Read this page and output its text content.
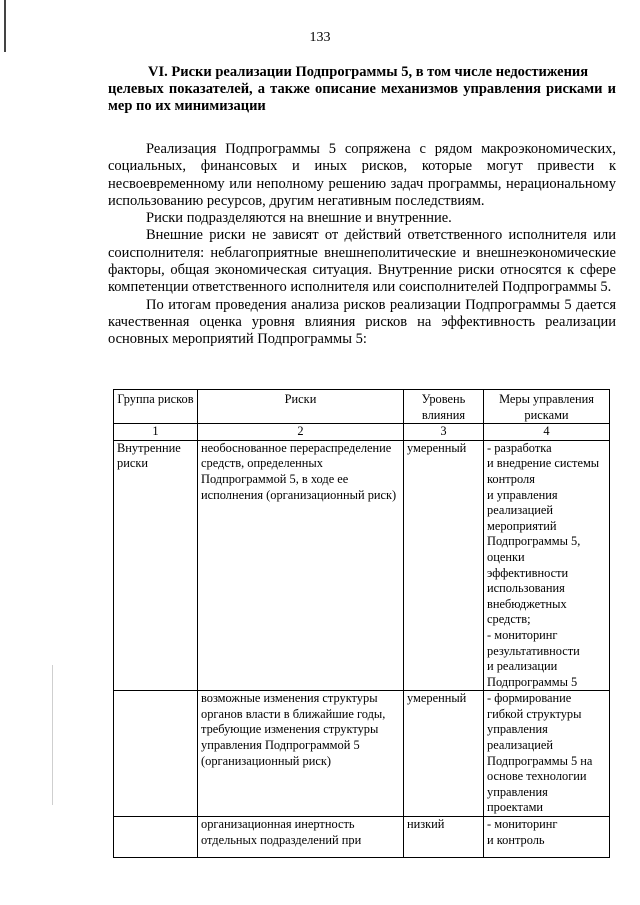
133
VI. Риски реализации Подпрограммы 5, в том числе недостижения
целевых показателей, а также описание механизмов управления рисками и мер по их минимизации

Реализация Подпрограммы 5 сопряжена с рядом макроэкономических, социальных, финансовых и иных рисков, которые могут привести к несвоевременному или неполному решению задач программы, нерациональному использованию ресурсов, другим негативным последствиям.

Риски подразделяются на внешние и внутренние.

Внешние риски не зависят от действий ответственного исполнителя или соисполнителя: неблагоприятные внешнеполитические и внешнеэкономические факторы, общая экономическая ситуация. Внутренние риски относятся к сфере компетенции ответственного исполнителя или соисполнителей Подпрограммы 5.

По итогам проведения анализа рисков реализации Подпрограммы 5 дается качественная оценка уровня влияния рисков на эффективность реализации основных мероприятий Подпрограммы 5:

Группа рисков	Риски	Уровень влияния	Меры управления рисками
1	2	3	4
Внутренние риски	необоснованное перераспределение средств, определенных Подпрограммой 5, в ходе ее исполнения (организационный риск)	умеренный	- разработка
и внедрение системы контроля
и управления реализацией мероприятий Подпрограммы 5, оценки эффективности использования внебюджетных средств;
- мониторинг результативности
и реализации Подпрограммы 5
	возможные изменения структуры органов власти в ближайшие годы, требующие изменения структуры управления Подпрограммой 5 (организационный риск)	умеренный	- формирование гибкой структуры управления реализацией Подпрограммы 5 на основе технологии управления проектами
	организационная инертность отдельных подразделений при	низкий	- мониторинг
и контроль
